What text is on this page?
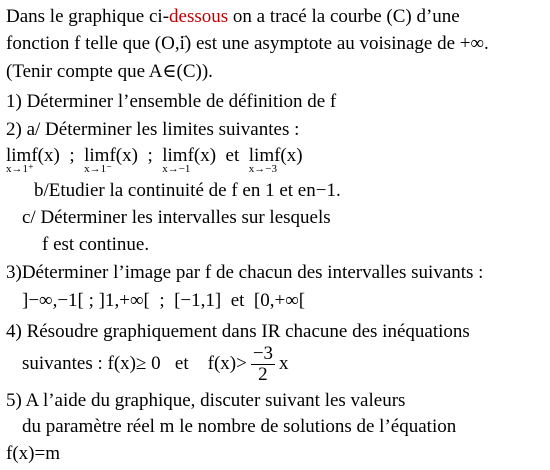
Dans le graphique ci-dessous on a tracé la courbe (C) d’une
fonction f telle que (O,→ i) est une asymptote au voisinage de +∞.
(Tenir compte que A∈(C)).
1) Déterminer l’ensemble de définition de f
2) a/ Déterminer les limites suivantes :
lim
x→1⁺
f(x)  ; lim
x→1⁻
f(x)  ; lim
x→−1
f(x)  et lim
x→−3
f(x)
b/Etudier la continuité de f en 1 et en−1.
c/ Déterminer les intervalles sur lesquels
f est continue.
3)Déterminer l’image par f de chacun des intervalles suivants :
]−∞,−1[ ; ]1,+∞[  ;  [−1,1]  et  [0,+∞[
4) Résoudre graphiquement dans IR chacune des inéquations
suivantes : f(x)≥ 0   et    $f(x)> \frac{-3}{2}$ x
5) A l’aide du graphique, discuter suivant les valeurs
du paramètre réel m le nombre de solutions de l’équation
f(x)=m
